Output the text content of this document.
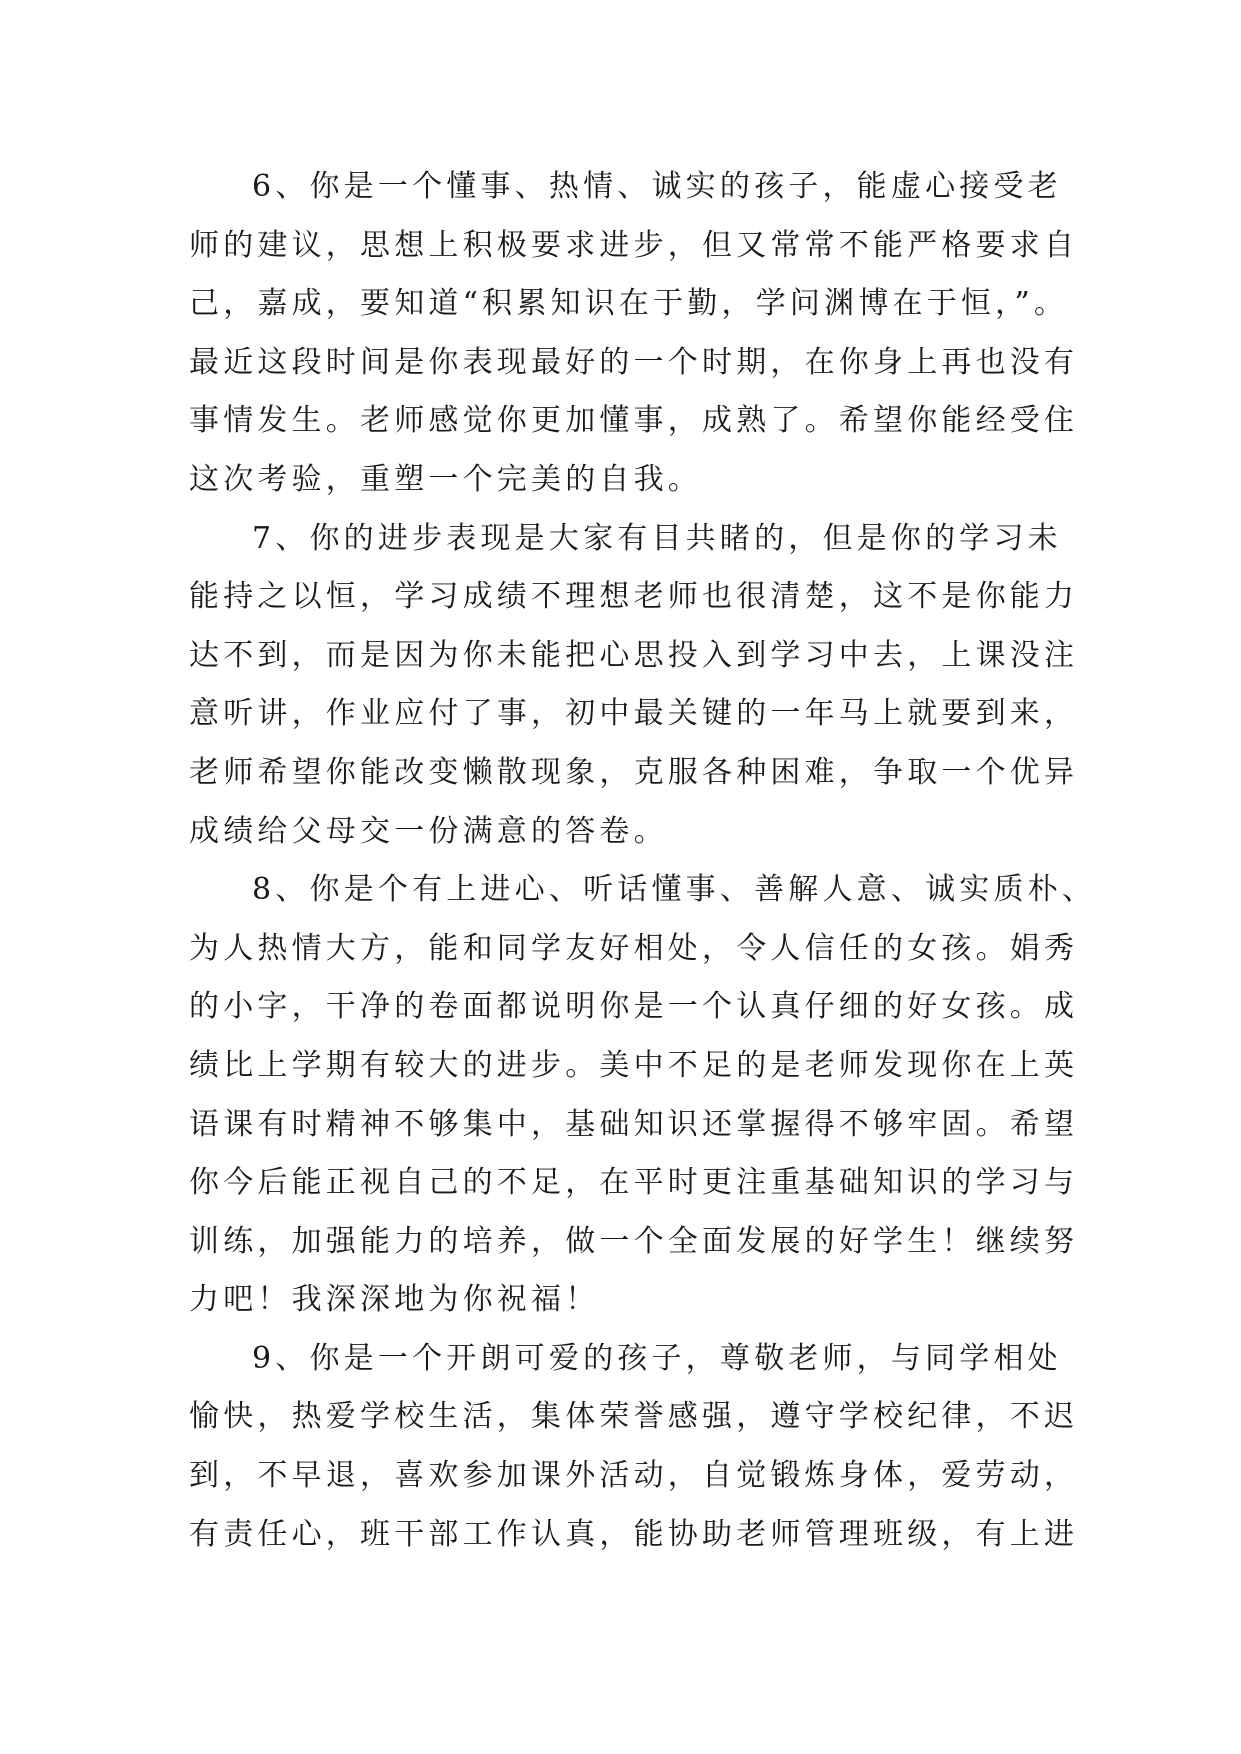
6、你是一个懂事、热情、诚实的孩子，能虚心接受老
师的建议，思想上积极要求进步，但又常常不能严格要求自
己，嘉成，要知道“积累知识在于勤，学问渊博在于恒，”。
最近这段时间是你表现最好的一个时期，在你身上再也没有
事情发生。老师感觉你更加懂事，成熟了。希望你能经受住
这次考验，重塑一个完美的自我。
7、你的进步表现是大家有目共睹的，但是你的学习未
能持之以恒，学习成绩不理想老师也很清楚，这不是你能力
达不到，而是因为你未能把心思投入到学习中去，上课没注
意听讲，作业应付了事，初中最关键的一年马上就要到来，
老师希望你能改变懒散现象，克服各种困难，争取一个优异
成绩给父母交一份满意的答卷。
8、你是个有上进心、听话懂事、善解人意、诚实质朴、
为人热情大方，能和同学友好相处，令人信任的女孩。娟秀
的小字，干净的卷面都说明你是一个认真仔细的好女孩。成
绩比上学期有较大的进步。美中不足的是老师发现你在上英
语课有时精神不够集中，基础知识还掌握得不够牢固。希望
你今后能正视自己的不足，在平时更注重基础知识的学习与
训练，加强能力的培养，做一个全面发展的好学生！继续努
力吧！我深深地为你祝福！
9、你是一个开朗可爱的孩子，尊敬老师，与同学相处
愉快，热爱学校生活，集体荣誉感强，遵守学校纪律，不迟
到，不早退，喜欢参加课外活动，自觉锻炼身体，爱劳动，
有责任心，班干部工作认真，能协助老师管理班级，有上进
